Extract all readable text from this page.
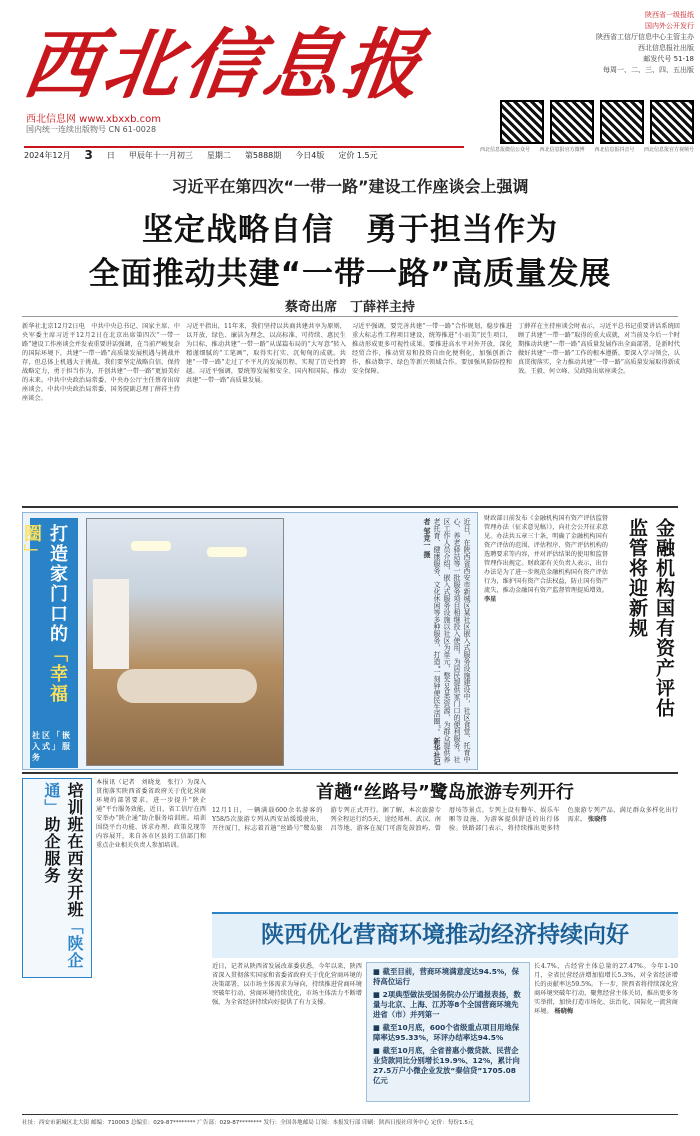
西北信息报
西北信息网 www.xbxxb.com
国内统一连续出版物号 CN 61-0028
陕西省一级报纸
国内外公开发行
陕西省工信厅信息中心主管主办
西北信息报社出版
邮发代号 51-18
每周一、二、三、四、五出版
西北信息报微信公众号 西北信息报官方微博 西北信息报抖音号 西北信息报官方视频号
2024年12月 3 日 甲辰年十一月初三 星期二 第5888期 今日4版 定价 1.5元
习近平在第四次“一带一路”建设工作座谈会上强调
坚定战略自信　勇于担当作为
全面推动共建“一带一路”高质量发展
蔡奇出席　丁薛祥主持
新华社北京12月2日电　中共中央总书记、国家主席、中央军委主席习近平12月2日在北京出席第四次“一带一路”建设工作座谈会并发表重要讲话强调，在当前严峻复杂的国际环境下，共建“一带一路”高质量发展机遇与挑战并存，但总体上机遇大于挑战。我们要坚定战略自信，保持战略定力，勇于担当作为，开创共建“一带一路”更加美好的未来。中共中央政治局常委、中央办公厅主任蔡奇出席座谈会。中共中央政治局常委、国务院副总理丁薛祥主持座谈会。
习近平指出，11年来，我们坚持以共商共建共享为原则，以开放、绿色、廉洁为理念，以高标准、可持续、惠民生为目标，推动共建“一带一路”从谋篇布局的“大写意”转入精谨细腻的“工笔画”，取得实打实、沉甸甸的成就。共建“一带一路”走过了不平凡的发展历程，实现了历史性跨越。习近平强调，要统筹发展和安全、国内和国际，推动共建“一带一路”高质量发展。
习近平强调，要完善共建“一带一路”合作规划，稳步推进重大标志性工程项目建设，统筹推进“小而美”民生项目，推动形成更多可视性成果。要推进高水平对外开放，深化经贸合作，推动贸易和投资自由化便利化，加强创新合作，推动数字、绿色等新兴领域合作。要加强风险防控和安全保障。
丁薛祥在主持座谈会时表示，习近平总书记重要讲话系统回顾了共建“一带一路”取得的重大成就，对当前及今后一个时期推动共建“一带一路”高质量发展作出全面部署，是新时代做好共建“一带一路”工作的根本遵循。要深入学习领会，认真贯彻落实，全力推动共建“一带一路”高质量发展取得新成效。王毅、何立峰、吴政隆出席座谈会。
打造家门口的「幸福圈」	近日，在陕西省西安市新城区某社区嵌入式服务设施建设中，社区食堂、托育中心、养老驿站等一批服务项目相继投入使用，为居民提供家门口的便利服务。社区工作人员介绍，嵌入式服务设施以社区为单元，整合各类资源，为群众提供养老托育、健康服务、文化休闲等多种服务，打造“一刻钟便民生活圈”。 新华社记者 邹竞一 摄
社区「嵌入式」服务
财政部日前发布《金融机构国有资产评估监督管理办法（征求意见稿）》，向社会公开征求意见。办法共五章三十条，明确了金融机构国有资产评估的范围、评估程序、资产评估机构的选聘要求等内容，并对评估结果的使用和监督管理作出规定。财政部有关负责人表示，出台办法是为了进一步规范金融机构国有资产评估行为，维护国有资产合法权益，防止国有资产流失，推动金融国有资产监督管理提质增效。 李星	金融机构国有资产评估监管将迎新规
培训班在西安开班「陕企通」助企服务
本报讯（记者　刘晓龙　张行）为深入贯彻落实陕西省委省政府关于优化营商环境的部署要求，进一步提升“陕企通”平台服务效能，近日，省工信厅在西安举办“陕企通”助企服务培训班。培训围绕平台功能、诉求办理、政策兑现等内容展开，来自各市区县的工信部门和重点企业相关负责人参加培训。
首趟“丝路号”鹭岛旅游专列开行
12月1日，一辆满载600余名游客的Y58/5次旅游专列从西安站缓缓驶出，开往厦门，标志着首趟“丝路号”鹭岛旅游专列正式开行。据了解，本次旅游专列全程运行约5天，途经郑州、武汉、南昌等地，游客在厦门可游览鼓浪屿、曾厝垵等景点。专列上设有餐车、娱乐车厢等设施，为游客提供舒适的出行体验。铁路部门表示，将持续推出更多特色旅游专列产品，满足群众多样化出行需求。 张晓伟
陕西优化营商环境推动经济持续向好
近日，记者从陕西省发展改革委获悉，今年以来，陕西省深入贯彻落实国家和省委省政府关于优化营商环境的决策部署，以市场主体需求为导向，持续推进营商环境突破年行动，营商环境持续优化，市场主体活力不断增强，为全省经济持续向好提供了有力支撑。

■ 截至目前，营商环境满意度达94.5%，保持高位运行

■ 2项典型做法受国务院办公厅通报表扬，数量与北京、上海、江苏等8个全国营商环境先进省（市）并列第一

■ 截至10月底，600个省级重点项目用地保障率达95.33%，环评办结率达94.5%

■ 截至10月底，全省普惠小微贷款、民营企业贷款同比分别增长19.9%、12%，累计向27.5万户小微企业发放“秦信贷”1705.08亿元

长4.7%，占经营主体总量的27.47%。今年1-10月，全省民营经济增加值增长5.3%，对全省经济增长的贡献率达59.5%。下一步，陕西省将持续深化营商环境突破年行动，聚焦经营主体关切，推出更多务实举措，加快打造市场化、法治化、国际化一流营商环境。 杨晓梅
社址：西安市新城区北大街 邮编：710003 总编室：029-87******** 广告部：029-87******** 发行：全国各地邮局 订阅：本报发行部 印刷：陕西日报社印务中心 定价：每份1.5元
